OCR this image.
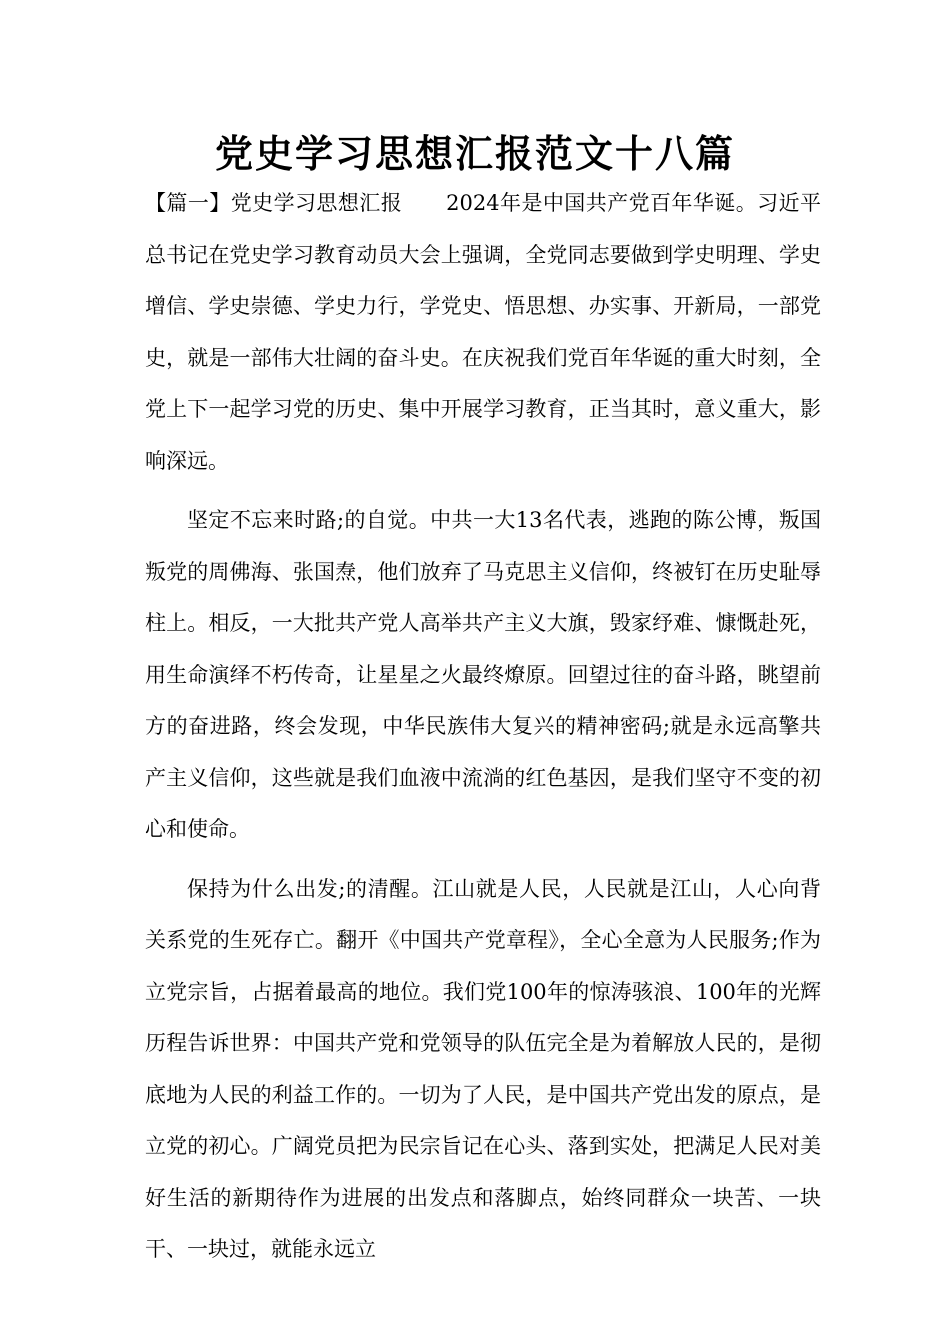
党史学习思想汇报范文十八篇

【篇一】党史学习思想汇报 2024年是中国共产党百年华诞。习近平总书记在党史学习教育动员大会上强调，全党同志要做到学史明理、学史增信、学史崇德、学史力行，学党史、悟思想、办实事、开新局，一部党史，就是一部伟大壮阔的奋斗史。在庆祝我们党百年华诞的重大时刻，全党上下一起学习党的历史、集中开展学习教育，正当其时，意义重大，影响深远。

坚定不忘来时路;的自觉。中共一大13名代表，逃跑的陈公博，叛国叛党的周佛海、张国焘，他们放弃了马克思主义信仰，终被钉在历史耻辱柱上。相反，一大批共产党人高举共产主义大旗，毁家纾难、慷慨赴死，用生命演绎不朽传奇，让星星之火最终燎原。回望过往的奋斗路，眺望前方的奋进路，终会发现，中华民族伟大复兴的精神密码;就是永远高擎共产主义信仰，这些就是我们血液中流淌的红色基因，是我们坚守不变的初心和使命。

保持为什么出发;的清醒。江山就是人民，人民就是江山，人心向背关系党的生死存亡。翻开《中国共产党章程》，全心全意为人民服务;作为立党宗旨，占据着最高的地位。我们党100年的惊涛骇浪、100年的光辉历程告诉世界：中国共产党和党领导的队伍完全是为着解放人民的，是彻底地为人民的利益工作的。一切为了人民，是中国共产党出发的原点，是立党的初心。广阔党员把为民宗旨记在心头、落到实处，把满足人民对美好生活的新期待作为进展的出发点和落脚点，始终同群众一块苦、一块干、一块过，就能永远立
